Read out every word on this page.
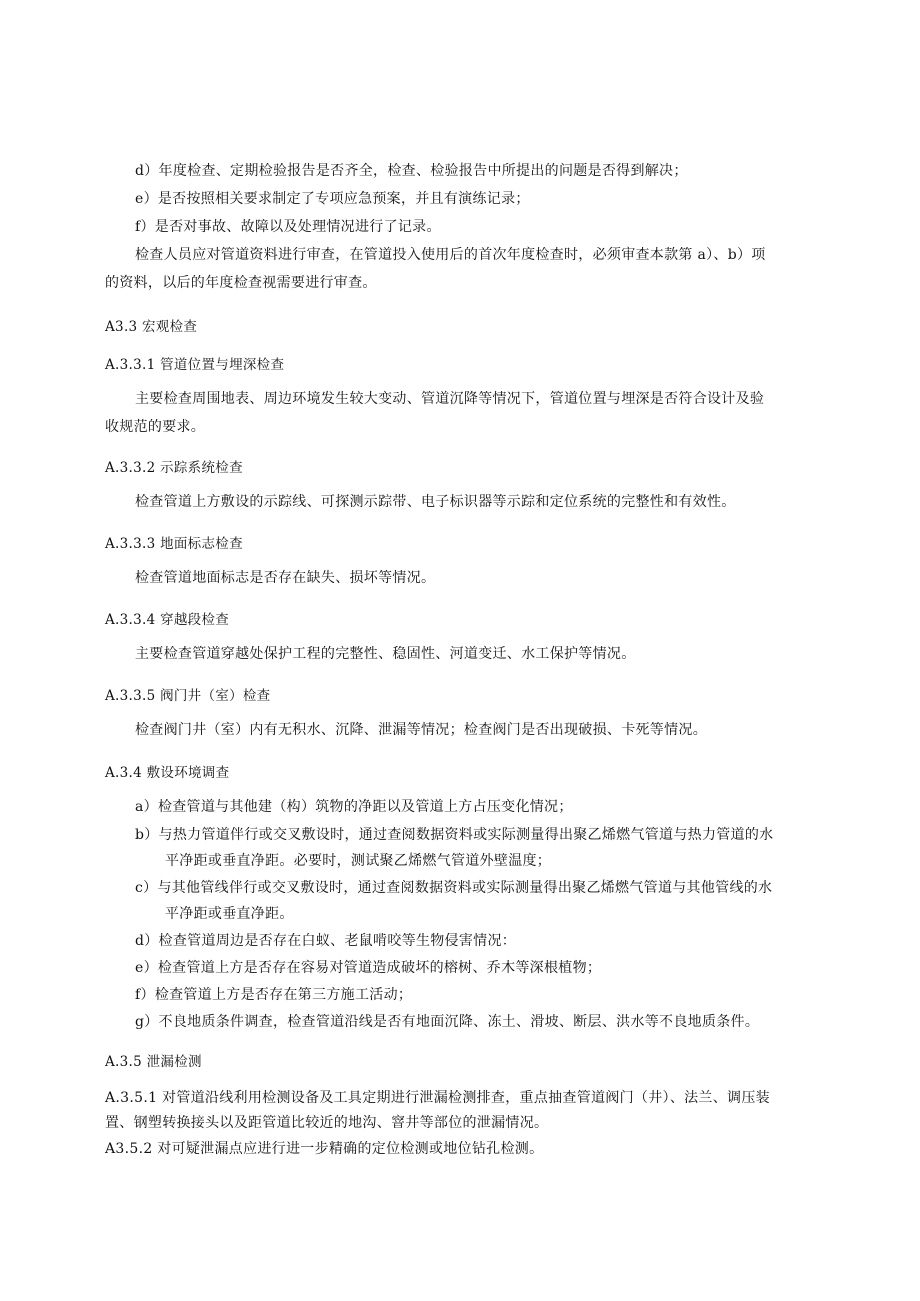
d）年度检查、定期检验报告是否齐全，检查、检验报告中所提出的问题是否得到解决；
e）是否按照相关要求制定了专项应急预案，并且有演练记录；
f）是否对事故、故障以及处理情况进行了记录。
检查人员应对管道资料进行审查，在管道投入使用后的首次年度检查时，必须审查本款第 a）、b）项
的资料，以后的年度检查视需要进行审查。
A3.3 宏观检查
A.3.3.1 管道位置与埋深检查
主要检查周围地表、周边环境发生较大变动、管道沉降等情况下，管道位置与埋深是否符合设计及验
收规范的要求。
A.3.3.2 示踪系统检查
检查管道上方敷设的示踪线、可探测示踪带、电子标识器等示踪和定位系统的完整性和有效性。
A.3.3.3 地面标志检查
检查管道地面标志是否存在缺失、损坏等情况。
A.3.3.4 穿越段检查
主要检查管道穿越处保护工程的完整性、稳固性、河道变迁、水工保护等情况。
A.3.3.5 阀门井（室）检查
检查阀门井（室）内有无积水、沉降、泄漏等情况；检查阀门是否出现破损、卡死等情况。
A.3.4 敷设环境调查
a）检查管道与其他建（构）筑物的净距以及管道上方占压变化情况；
b）与热力管道伴行或交叉敷设时，通过查阅数据资料或实际测量得出聚乙烯燃气管道与热力管道的水
平净距或垂直净距。必要时，测试聚乙烯燃气管道外壁温度；
c）与其他管线伴行或交叉敷设时，通过查阅数据资料或实际测量得出聚乙烯燃气管道与其他管线的水
平净距或垂直净距。
d）检查管道周边是否存在白蚁、老鼠啃咬等生物侵害情况：
e）检查管道上方是否存在容易对管道造成破坏的榕树、乔木等深根植物；
f）检查管道上方是否存在第三方施工活动；
g）不良地质条件调查，检查管道沿线是否有地面沉降、冻土、滑坡、断层、洪水等不良地质条件。
A.3.5 泄漏检测
A.3.5.1 对管道沿线利用检测设备及工具定期进行泄漏检测排查，重点抽查管道阀门（井）、法兰、调压装
置、钢塑转换接头以及距管道比较近的地沟、窨井等部位的泄漏情况。
A3.5.2 对可疑泄漏点应进行进一步精确的定位检测或地位钻孔检测。
